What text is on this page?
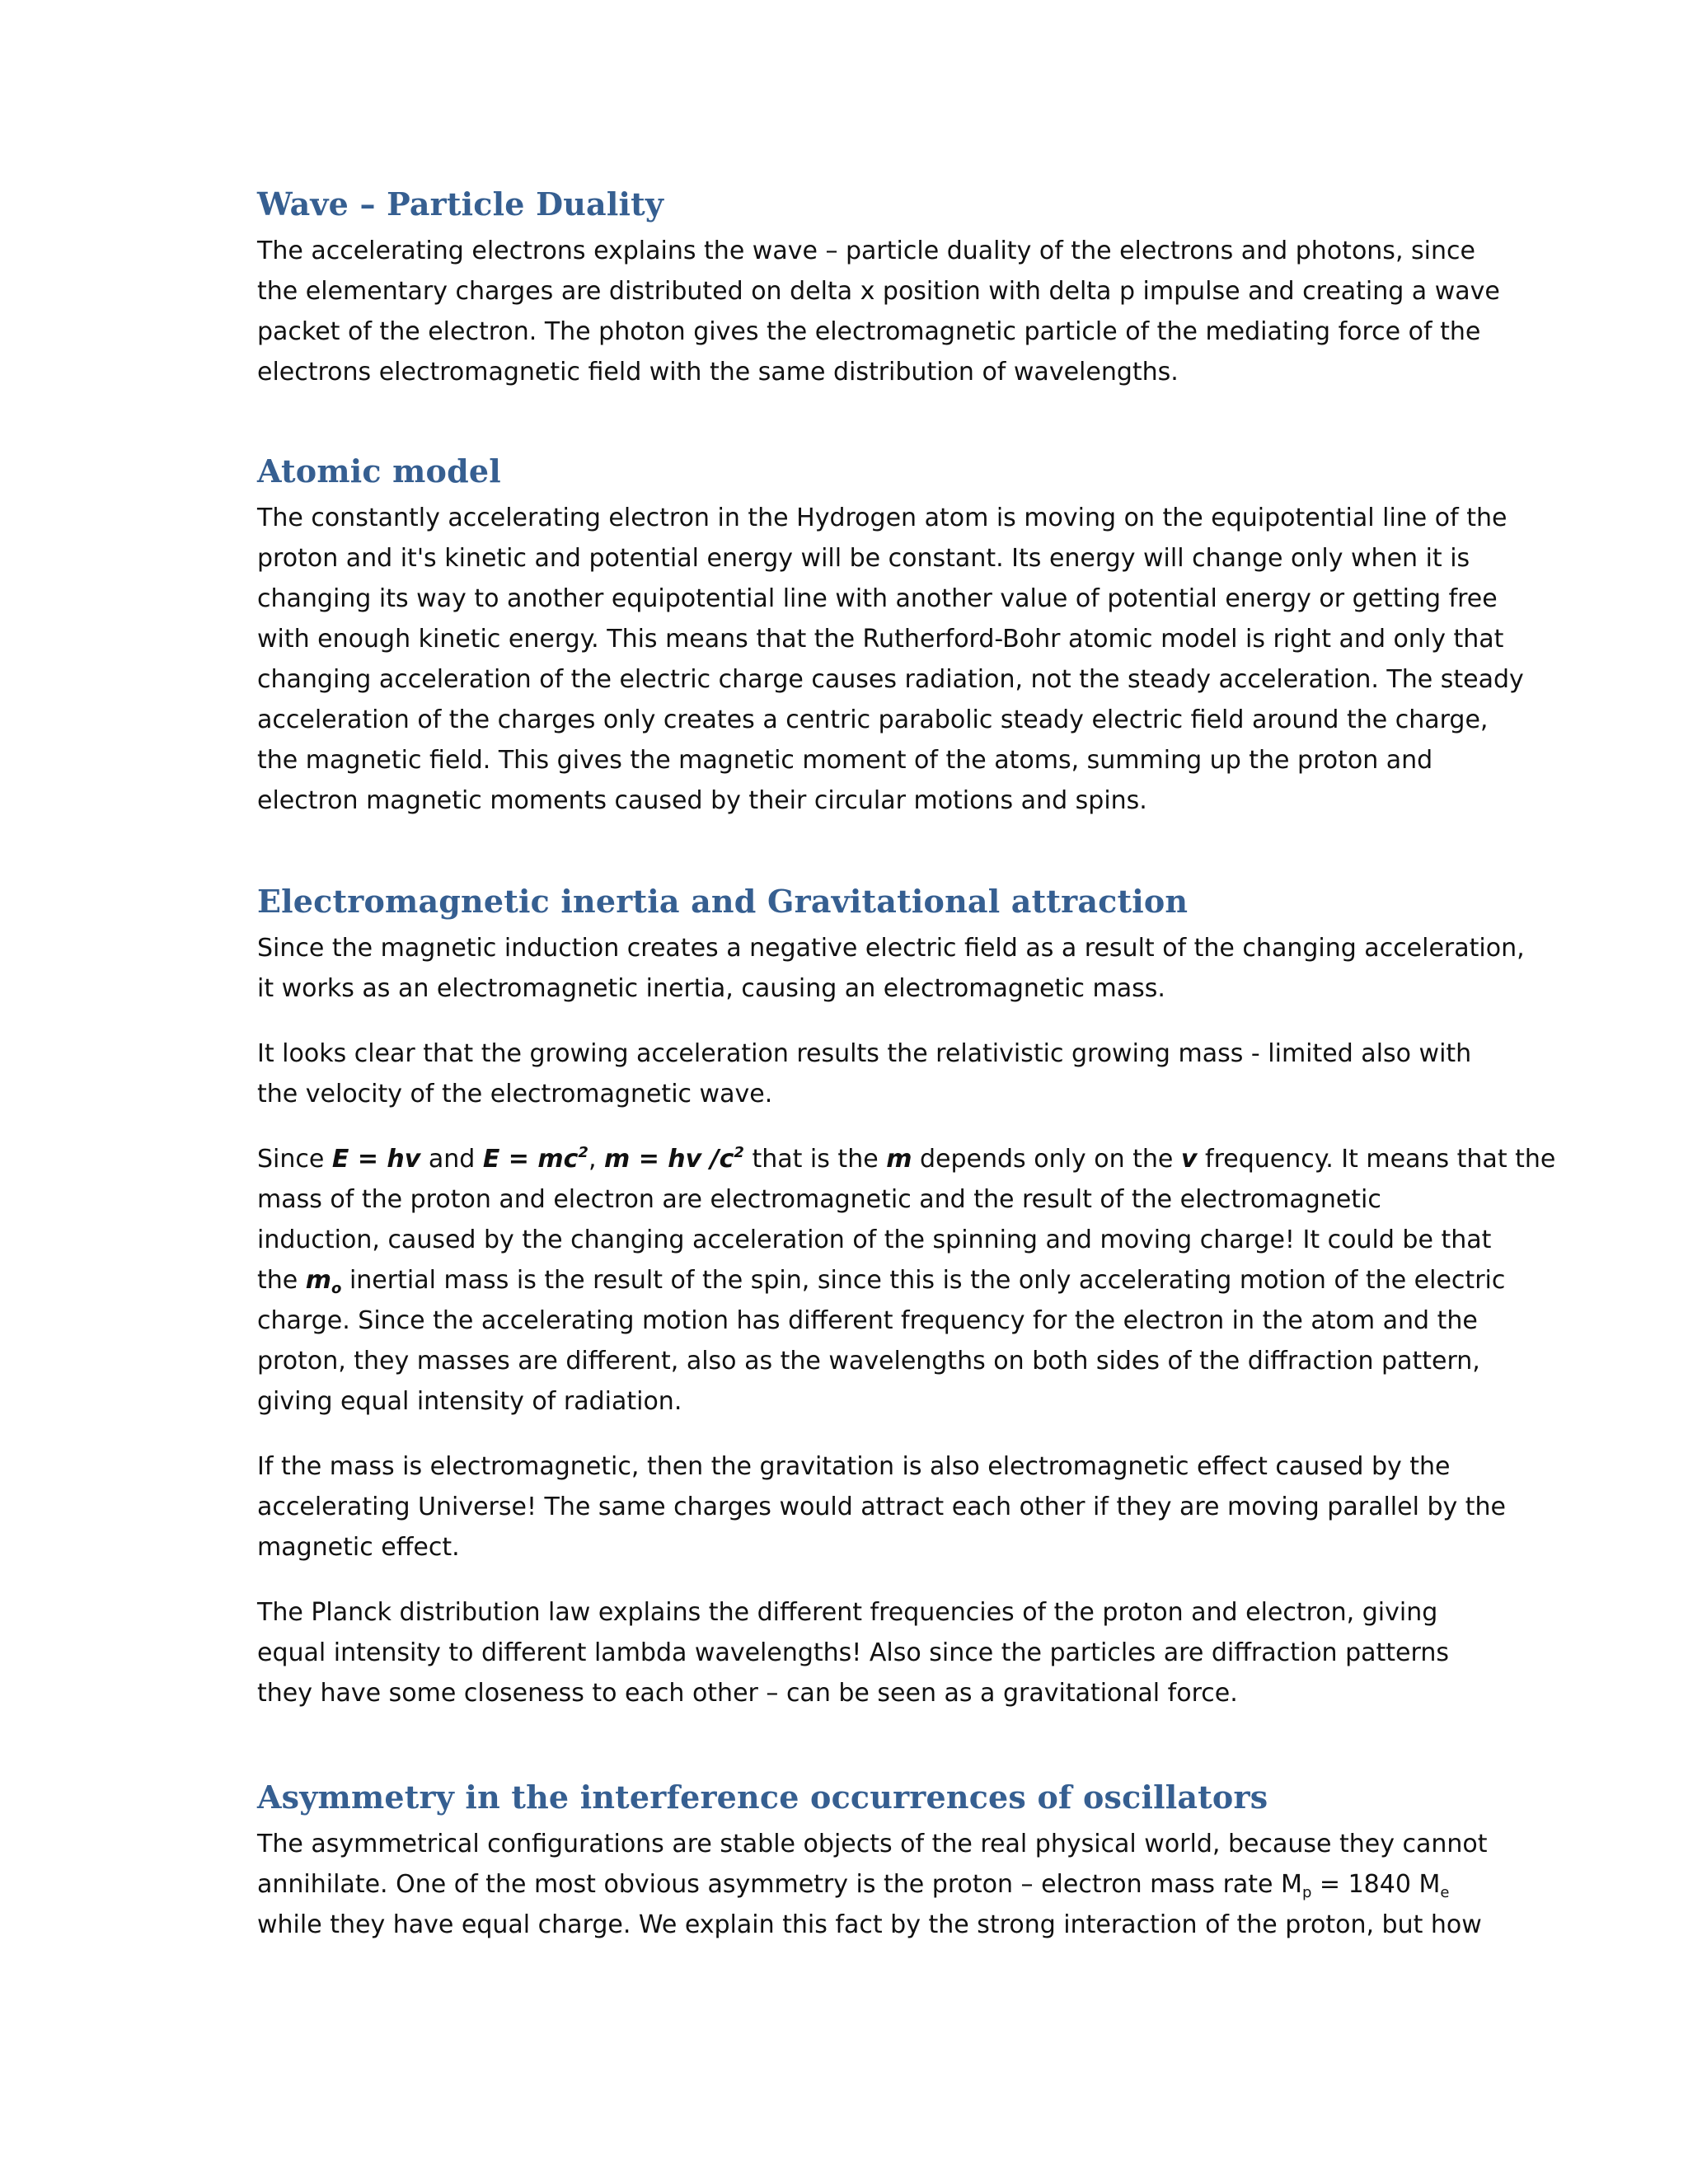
Wave – Particle Duality
The accelerating electrons explains the wave – particle duality of the electrons and photons, since
the elementary charges are distributed on delta x position with delta p impulse and creating a wave
packet of the electron. The photon gives the electromagnetic particle of the mediating force of the
electrons electromagnetic field with the same distribution of wavelengths.
Atomic model
The constantly accelerating electron in the Hydrogen atom is moving on the equipotential line of the
proton and it's kinetic and potential energy will be constant. Its energy will change only when it is
changing its way to another equipotential line with another value of potential energy or getting free
with enough kinetic energy. This means that the Rutherford-Bohr atomic model is right and only that
changing acceleration of the electric charge causes radiation, not the steady acceleration. The steady
acceleration of the charges only creates a centric parabolic steady electric field around the charge,
the magnetic field. This gives the magnetic moment of the atoms, summing up the proton and
electron magnetic moments caused by their circular motions and spins.
Electromagnetic inertia and Gravitational attraction
Since the magnetic induction creates a negative electric field as a result of the changing acceleration,
it works as an electromagnetic inertia, causing an electromagnetic mass.
It looks clear that the growing acceleration results the relativistic growing mass - limited also with
the velocity of the electromagnetic wave.
Since E = hv and $E = mc^2$, m = hv $/c^2$ that is the m depends only on the v frequency. It means that the
mass of the proton and electron are electromagnetic and the result of the electromagnetic
induction, caused by the changing acceleration of the spinning and moving charge! It could be that
the $m_o$ inertial mass is the result of the spin, since this is the only accelerating motion of the electric
charge. Since the accelerating motion has different frequency for the electron in the atom and the
proton, they masses are different, also as the wavelengths on both sides of the diffraction pattern,
giving equal intensity of radiation.
If the mass is electromagnetic, then the gravitation is also electromagnetic effect caused by the
accelerating Universe! The same charges would attract each other if they are moving parallel by the
magnetic effect.
The Planck distribution law explains the different frequencies of the proton and electron, giving
equal intensity to different lambda wavelengths! Also since the particles are diffraction patterns
they have some closeness to each other – can be seen as a gravitational force.
Asymmetry in the interference occurrences of oscillators
The asymmetrical configurations are stable objects of the real physical world, because they cannot
annihilate. One of the most obvious asymmetry is the proton – electron mass rate $M_p = 1840$ $M_e$
while they have equal charge. We explain this fact by the strong interaction of the proton, but how
